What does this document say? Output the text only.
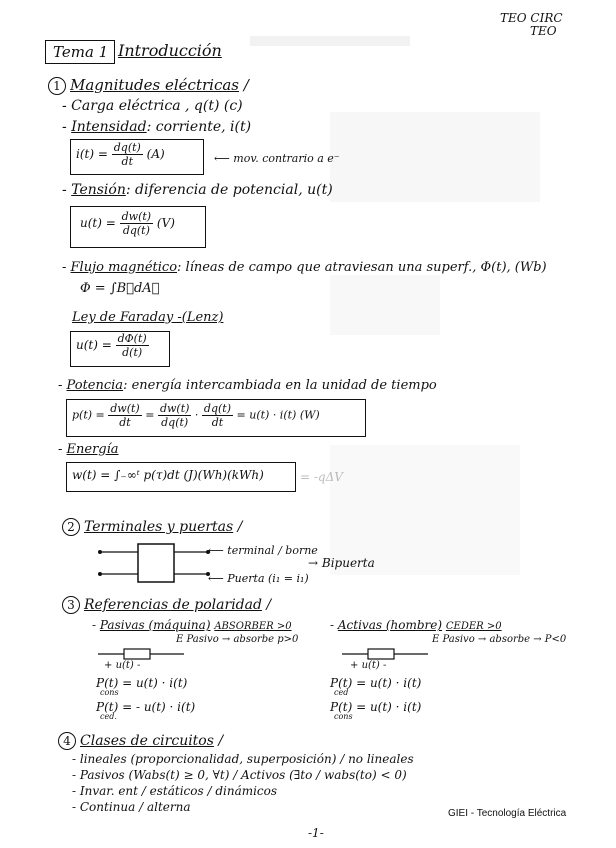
TEO CIRC
TEO
Tema 1 Introducción
1 Magnitudes eléctricas /
- Carga eléctrica , q(t) (c)
- Intensidad: corriente, i(t)
$i(t) = \frac{dq(t)}{dt} (A)$	⟵ mov. contrario a e⁻
- Tensión: diferencia de potencial, u(t)
$u(t) = \frac{dw(t)}{dq(t)} (V)$
- Flujo magnético: líneas de campo que atraviesan una superf., Φ(t), (Wb)
Φ = ∫B⃗dA⃗
Ley de Faraday -(Lenz)
$u(t) = \frac{d\Phi(t)}{d(t)}$
- Potencia: energía intercambiada en la unidad de tiempo
$p(t) = \frac{dw(t)}{dt} = \frac{dw(t)}{dq(t)} \cdot \frac{dq(t)}{dt} = u(t) \cdot i(t)$ (W)
- Energía
w(t) = ∫₋∞ᵗ p(τ)dt (J)(Wh)(kWh)	= -qΔV
2 Terminales y puertas /
⟵ terminal / borne
⟵ Puerta (i₁ = i₁)
→ Bipuerta
3 Referencias de polaridad /
- Pasivas (máquina) ABSORBER >0
E Pasivo → absorbe p>0
+ u(t) -
P(t) = u(t) · i(t)
cons
P(t) = - u(t) · i(t)
ced.
- Activas (hombre) CEDER >0
E Pasivo → absorbe → P<0
+ u(t) -
P(t) = u(t) · i(t)
ced
P(t) = u(t) · i(t)
cons
4 Clases de circuitos /
- lineales (proporcionalidad, superposición) / no lineales
- Pasivos (Wabs(t) ≥ 0, ∀t) / Activos (∃to / wabs(to) < 0)
- Invar. ent / estáticos / dinámicos
- Continua / alterna	GIEI - Tecnología Eléctrica
-1-
